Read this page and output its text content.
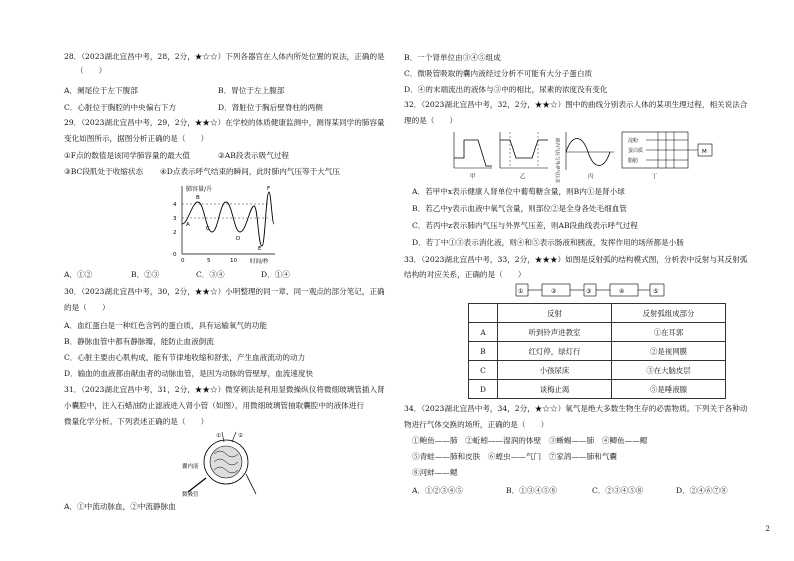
28．（2023湖北宜昌中考，28，2分，★☆☆）下列各器官在人体内所处位置的说法，正确的是
（　　）
A．阑尾位于左下腹部	B．胃位于左上腹部
C．心脏位于胸腔的中央偏右下方	D．肾脏位于胸后壁脊柱的两侧
29．（2023湖北宜昌中考，29，2分，★★☆）在学校的体质健康监测中，测得某同学的肺容量
变化如图所示，据图分析正确的是（　　）
①F点的数值是该同学肺容量的最大值	②AB段表示吸气过程
③BC段肌处于收缩状态 ④D点表示呼气结束的瞬间，此时肺内气压等于大气压
肺容量/升
时间/秒
0
2
3
4
A
B
C
D
E
F
0	5	10
A．①②	B．②③	C．③④	D．①④
30．（2023湖北宜昌中考，30，2分，★★☆）小明整理的同一章、同一观点的部分笔记，正确
的是（　　）
A．血红蛋白是一种红色含钙的蛋白质，具有运输氧气的功能
B．静脉血管中都有静脉瓣，能防止血液倒流
C．心脏主要由心肌构成，能有节律地收缩和舒张，产生血液流动的动力
D．输血的血液都由献血者的动脉血管，是因为动脉的管壁厚，血流速度快
31．（2023湖北宜昌中考，31，2分，★★☆）微穿刺法是利用显微操纵仪将微细玻璃管插入肾
小囊腔中，注入石蜡油防止滤液进入肾小管（如图），用微细玻璃管抽取囊腔中的液体进行
微量化学分析。下列表述正确的是（　　）
①	②
囊内液
微吸管
A．①中流动脉血，②中流静脉血
B．一个肾单位由③④⑤组成
C．微吸管吸取的囊内液经过分析不可能有大分子蛋白质
D．④的末端流出的液体与③中的相比，尿素的浓度没有变化
32．（2023湖北宜昌中考，32，2分，★★☆）图中的曲线分别表示人体的某项生理过程，相关说法合
理的是（　　）
甲	乙	肺内气压与外界气压差	丙
淀粉
蛋白质
脂肪
M
丁
A．若甲中x表示健康人肾单位中葡萄糖含量，则B内①是肾小球
B．若乙中y表示血液中氧气含量，则部位②是全身各处毛细血管
C．若丙中z表示肺内气压与外界气压差，则AB段曲线表示呼气过程
D．若丁中①③表示消化液，则④和⑤表示肠液和胰液，发挥作用的场所都是小肠
33．（2023湖北宜昌中考，33，2分，★★★）如图是反射弧的结构模式图，分析表中反射与其反射弧
结构的对应关系，正确的是（　　）
①	②	③	④	⑤
	反射	反射弧组成部分
A	听到铃声进教室	①在耳郭
B	红灯停，绿灯行	②是视网膜
C	小孩尿床	③在大脑皮层
D	谈梅止渴	⑤是唾液腺
34．（2023湖北宜昌中考，34，2分，★☆☆）氧气是绝大多数生物生存的必需物质。下列关于各种动
物进行气体交换的场所，正确的是（　　）
①鲍鱼——肺　②蚯蚓——湿润的体壁　③蜥蜴——肺　④鲫鱼——鳃
⑤青蛙——肺和皮肤　⑥蝗虫——气门　⑦家鸽——肺和气囊
⑧河蚌——鳃
A．①②③④⑤	B．①③④⑤⑧	C．②③④⑤⑧	D．②④⑥⑦⑧
2
